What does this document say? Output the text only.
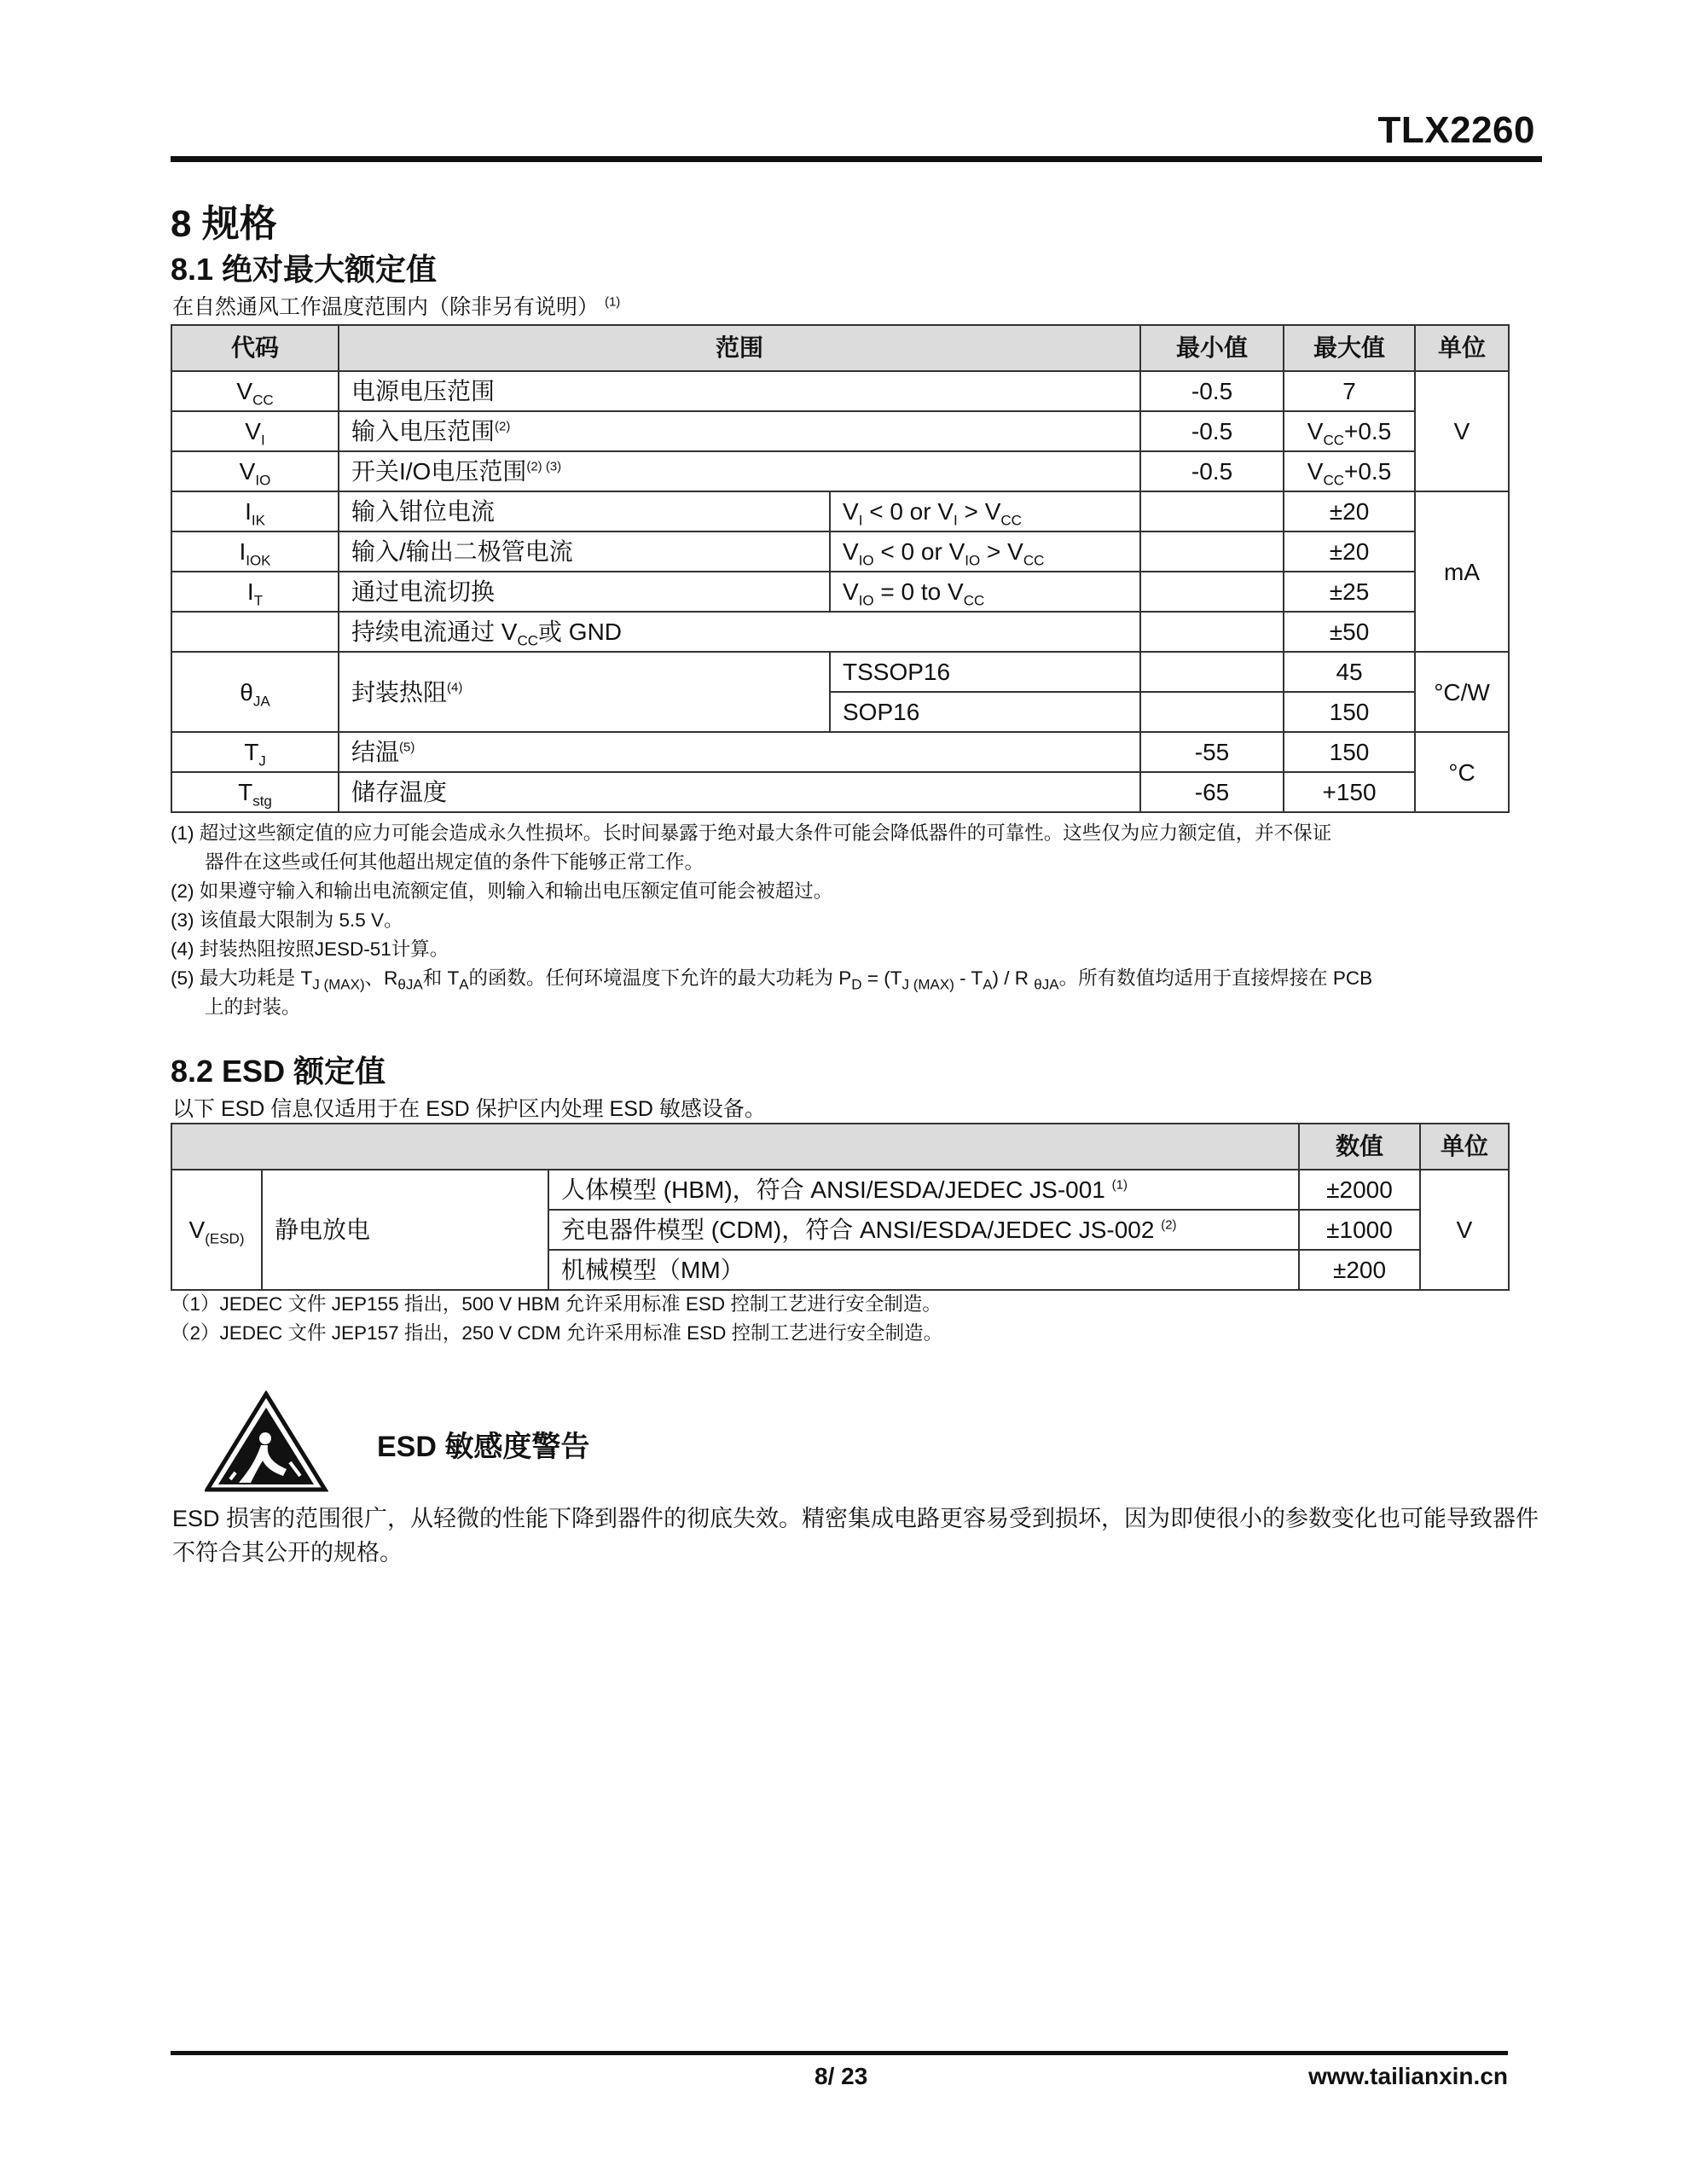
TLX2260
8 规格
8.1 绝对最大额定值
在自然通风工作温度范围内（除非另有说明） $^{(1)}$
代码	范围		最小值	最大值	单位
$V_{CC}$	电源电压范围		-0.5	7	V
$V_I$	输入电压范围$^{(2)}$		-0.5	$V_{CC}+0.5$	
$V_{IO}$	开关I/O电压范围$^{(2) (3)}$		-0.5	$V_{CC}+0.5$	
$I_{IK}$	输入钳位电流	$V_I < 0$ or $V_I > V_{CC}$		±20	mA
$I_{IOK}$	输入/输出二极管电流	$V_{IO} < 0$ or $V_{IO} > V_{CC}$		±20	
$I_T$	通过电流切换	$V_{IO} = 0$ to $V_{CC}$		±25	
	持续电流通过 $V_{CC}$或 GND			±50	
$\theta_{JA}$	封装热阻$^{(4)}$	TSSOP16		45	°C/W
		SOP16		150	
$T_J$	结温$^{(5)}$		-55	150	°C
$T_{stg}$	储存温度		-65	+150	
(1) 超过这些额定值的应力可能会造成永久性损坏。长时间暴露于绝对最大条件可能会降低器件的可靠性。这些仅为应力额定值，并不保证
器件在这些或任何其他超出规定值的条件下能够正常工作。
(2) 如果遵守输入和输出电流额定值，则输入和输出电压额定值可能会被超过。
(3) 该值最大限制为 5.5 V。
(4) 封装热阻按照JESD-51计算。
(5) 最大功耗是 $T_{J (MAX)}$、$R_{\theta JA}$和 $T_A$的函数。任何环境温度下允许的最大功耗为 $P_D = (T_{J (MAX)} - T_A) / R$ $_{\theta JA}$。所有数值均适用于直接焊接在 PCB
上的封装。
8.2 ESD 额定值
以下 ESD 信息仅适用于在 ESD 保护区内处理 ESD 敏感设备。
			数值	单位
$V_{(ESD)}$	静电放电	人体模型 (HBM)，符合 ANSI/ESDA/JEDEC JS-001 $^{(1)}$	±2000	V
		充电器件模型 (CDM)，符合 ANSI/ESDA/JEDEC JS-002 $^{(2)}$	±1000	
		机械模型（MM）	±200	
（1）JEDEC 文件 JEP155 指出，500 V HBM 允许采用标准 ESD 控制工艺进行安全制造。
（2）JEDEC 文件 JEP157 指出，250 V CDM 允许采用标准 ESD 控制工艺进行安全制造。
ESD 敏感度警告
ESD 损害的范围很广，从轻微的性能下降到器件的彻底失效。精密集成电路更容易受到损坏，因为即使很小的参数变化也可能导致器件不符合其公开的规格。
8/ 23	www.tailianxin.cn
